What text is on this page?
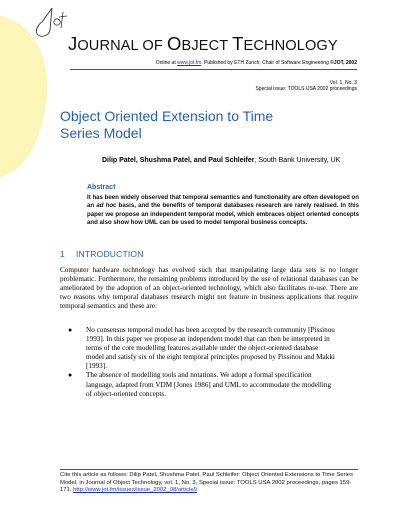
JOURNAL OF OBJECT TECHNOLOGY
Online at www.jot.fm. Published by ETH Zurich, Chair of Software Engineering ©JOT, 2002
Vol. 1, No. 3
Special issue: TOOLS USA 2002 proceedings
Object Oriented Extension to Time
Series Model
Dilip Patel, Shushma Patel, and Paul Schleifer, South Bank University, UK
Abstract
It has been widely observed that temporal semantics and functionality are often developed on an ad hoc basis, and the benefits of temporal databases research are rarely realised. In this paper we propose an independent temporal model, which embraces object oriented concepts and also show how UML can be used to model temporal business concepts.
1 INTRODUCTION
Computer hardware technology has evolved such that manipulating large data sets is no longer problematic. Furthermore, the remaining problems introduced by the use of relational databases can be ameliorated by the adoption of an object-oriented technology, which also facilitates re-use. There are two reasons why temporal databases research might not feature in business applications that require temporal semantics and these are:
● No consensus temporal model has been accepted by the research community [Pissinou 1993]. In this paper we propose an independent model that can then be interpreted in terms of the core modelling features available under the object-oriented database model and satisfy six of the eight temporal principles proposed by Pissinou and Makki [1993].
● The absence of modelling tools and notations. We adopt a formal specification language, adapted from VDM [Jones 1986] and UML to accommodate the modelling of object-oriented concepts.
Cite this article as follows: Dilip Patel, Shushma Patel, Paul Schleifer: Object Oriented Extensions to Time Series Model, in Journal of Object Technology, vol. 1, No. 3, Special issue: TOOLS USA 2002 proceedings, pages 159-171. http://www.jot.fm/issues/issue_2002_08/article9
